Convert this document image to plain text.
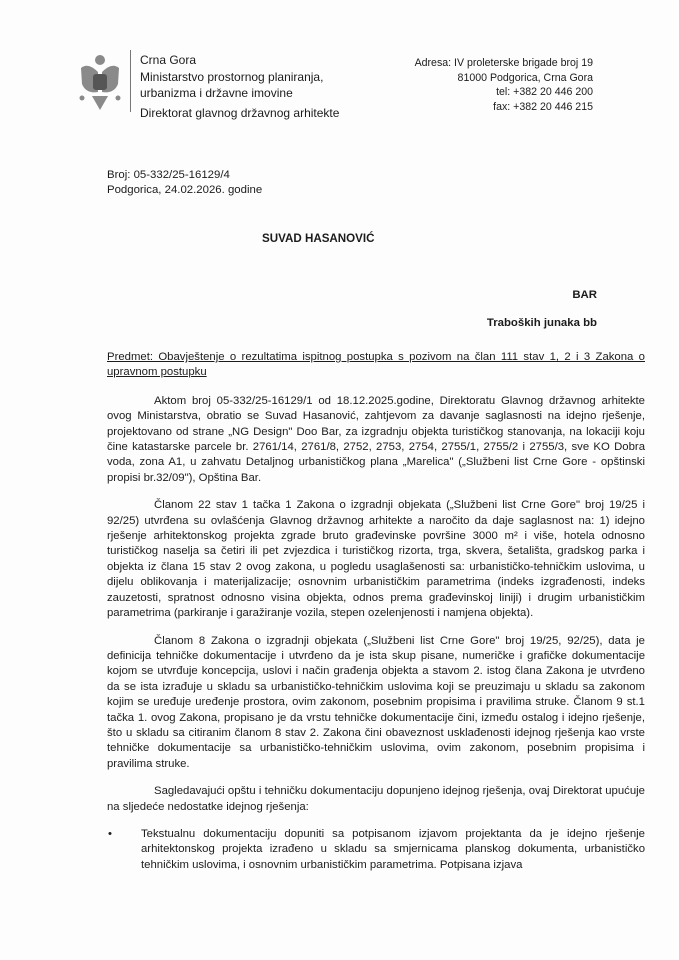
Crna Gora
Ministarstvo prostornog planiranja,
urbanizma i državne imovine
Direktorat glavnog državnog arhitekte
Adresa: IV proleterske brigade broj 19
81000 Podgorica, Crna Gora
tel: +382 20 446 200
fax: +382 20 446 215
Broj: 05-332/25-16129/4
Podgorica, 24.02.2026. godine
SUVAD HASANOVIĆ
BAR
Traboških junaka bb

Predmet: Obavještenje o rezultatima ispitnog postupka s pozivom na član 111 stav 1, 2 i 3 Zakona o upravnom postupku

Aktom broj 05-332/25-16129/1 od 18.12.2025.godine, Direktoratu Glavnog državnog arhitekte ovog Ministarstva, obratio se Suvad Hasanović, zahtjevom za davanje saglasnosti na idejno rješenje, projektovano od strane „NG Design" Doo Bar, za izgradnju objekta turističkog stanovanja, na lokaciji koju čine katastarske parcele br. 2761/14, 2761/8, 2752, 2753, 2754, 2755/1, 2755/2 i 2755/3, sve KO Dobra voda, zona A1, u zahvatu Detaljnog urbanističkog plana „Marelica" („Službeni list Crne Gore - opštinski propisi br.32/09"), Opština Bar.

Članom 22 stav 1 tačka 1 Zakona o izgradnji objekata („Službeni list Crne Gore" broj 19/25 i 92/25) utvrđena su ovlašćenja Glavnog državnog arhitekte a naročito da daje saglasnost na: 1) idejno rješenje arhitektonskog projekta zgrade bruto građevinske površine 3000 m² i više, hotela odnosno turističkog naselja sa četiri ili pet zvjezdica i turističkog rizorta, trga, skvera, šetališta, gradskog parka i objekta iz člana 15 stav 2 ovog zakona, u pogledu usaglašenosti sa: urbanističko-tehničkim uslovima, u dijelu oblikovanja i materijalizacije; osnovnim urbanističkim parametrima (indeks izgrađenosti, indeks zauzetosti, spratnost odnosno visina objekta, odnos prema građevinskoj liniji) i drugim urbanističkim parametrima (parkiranje i garažiranje vozila, stepen ozelenjenosti i namjena objekta).

Članom 8 Zakona o izgradnji objekata („Službeni list Crne Gore" broj 19/25, 92/25), data je definicija tehničke dokumentacije i utvrđeno da je ista skup pisane, numeričke i grafičke dokumentacije kojom se utvrđuje koncepcija, uslovi i način građenja objekta a stavom 2. istog člana Zakona je utvrđeno da se ista izrađuje u skladu sa urbanističko-tehničkim uslovima koji se preuzimaju u skladu sa zakonom kojim se uređuje uređenje prostora, ovim zakonom, posebnim propisima i pravilima struke. Članom 9 st.1 tačka 1. ovog Zakona, propisano je da vrstu tehničke dokumentacije čini, između ostalog i idejno rješenje, što u skladu sa citiranim članom 8 stav 2. Zakona čini obaveznost usklađenosti idejnog rješenja kao vrste tehničke dokumentacije sa urbanističko-tehničkim uslovima, ovim zakonom, posebnim propisima i pravilima struke.

Sagledavajući opštu i tehničku dokumentaciju dopunjeno idejnog rješenja, ovaj Direktorat upućuje na sljedeće nedostatke idejnog rješenja:

•	Tekstualnu dokumentaciju dopuniti sa potpisanom izjavom projektanta da je idejno rješenje arhitektonskog projekta izrađeno u skladu sa smjernicama planskog dokumenta, urbanističko tehničkim uslovima, i osnovnim urbanističkim parametrima. Potpisana izjava
